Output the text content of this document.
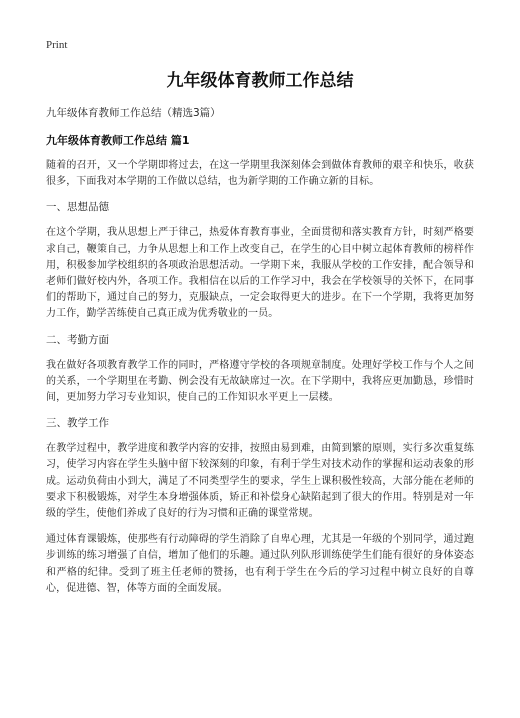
Print
九年级体育教师工作总结
九年级体育教师工作总结（精选3篇）
九年级体育教师工作总结 篇1

随着的召开，又一个学期即将过去，在这一学期里我深刻体会到做体育教师的艰辛和快乐，收获很多，下面我对本学期的工作做以总结，也为新学期的工作确立新的目标。

一、思想品德

在这个学期，我从思想上严于律己，热爱体育教育事业，全面贯彻和落实教育方针，时刻严格要求自己，鞭策自己，力争从思想上和工作上改变自己，在学生的心目中树立起体育教师的榜样作用，积极参加学校组织的各项政治思想活动。一学期下来，我服从学校的工作安排，配合领导和老师们做好校内外，各项工作。我相信在以后的工作学习中，我会在学校领导的关怀下，在同事们的帮助下，通过自己的努力，克服缺点，一定会取得更大的进步。在下一个学期，我将更加努力工作，勤学苦练使自己真正成为优秀敬业的一员。

二、考勤方面

我在做好各项教育教学工作的同时，严格遵守学校的各项规章制度。处理好学校工作与个人之间的关系，一个学期里在考勤、例会没有无故缺席过一次。在下学期中，我将应更加勤恳，珍惜时间，更加努力学习专业知识，使自己的工作知识水平更上一层楼。

三、教学工作

在教学过程中，教学进度和教学内容的安排，按照由易到难，由简到繁的原则，实行多次重复练习，使学习内容在学生头脑中留下较深刻的印象，有利于学生对技术动作的掌握和运动表象的形成。运动负荷由小到大，满足了不同类型学生的要求，学生上课积极性较高，大部分能在老师的要求下积极锻炼，对学生本身增强体质，矫正和补偿身心缺陷起到了很大的作用。特别是对一年级的学生，使他们养成了良好的行为习惯和正确的课堂常规。

通过体育课锻炼，使那些有行动障碍的学生消除了自卑心理，尤其是一年级的个别同学，通过跑步训练的练习增强了自信，增加了他们的乐趣。通过队列队形训练使学生们能有很好的身体姿态和严格的纪律。受到了班主任老师的赞扬，也有利于学生在今后的学习过程中树立良好的自尊心，促进德、智，体等方面的全面发展。
